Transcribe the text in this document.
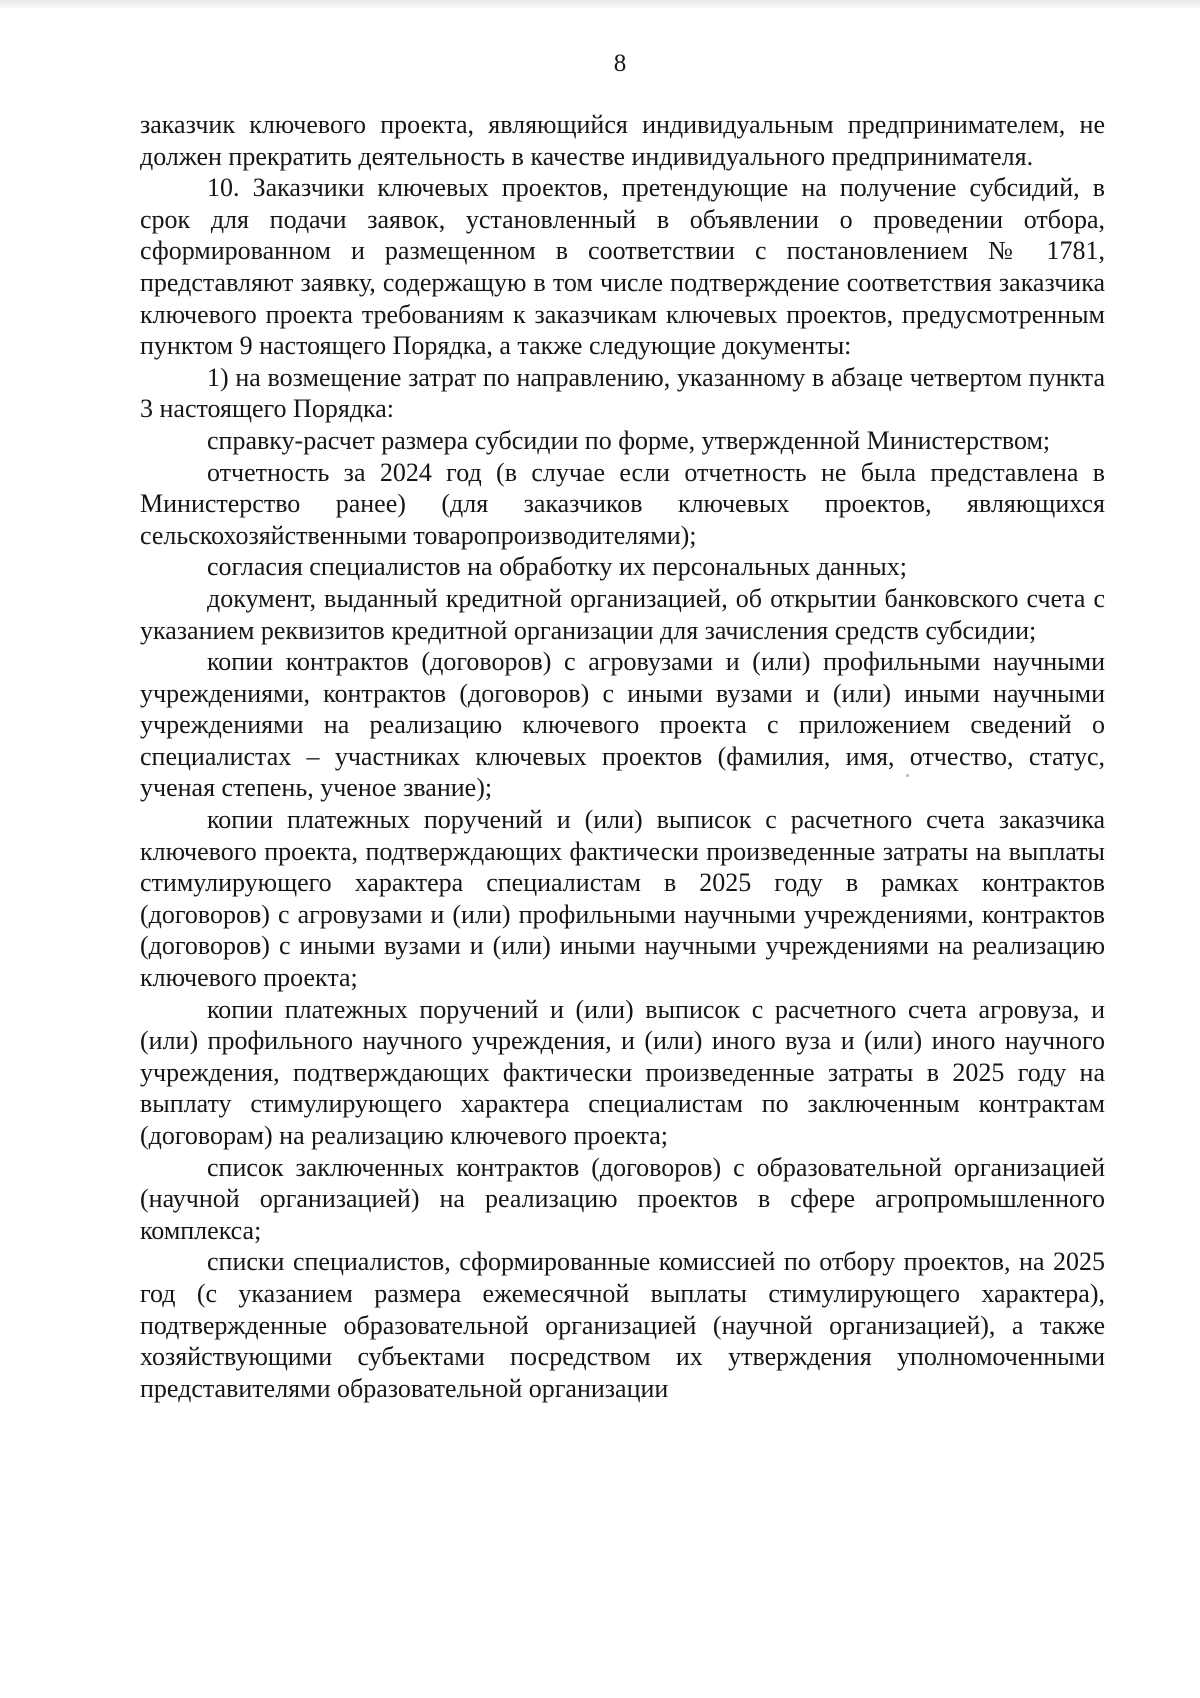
8

заказчик ключевого проекта, являющийся индивидуальным предпринимателем, не должен прекратить деятельность в качестве индивидуального предпринимателя.

10. Заказчики ключевых проектов, претендующие на получение субсидий, в срок для подачи заявок, установленный в объявлении о проведении отбора, сформированном и размещенном в соответствии с постановлением № 1781, представляют заявку, содержащую в том числе подтверждение соответствия заказчика ключевого проекта требованиям к заказчикам ключевых проектов, предусмотренным пунктом 9 настоящего Порядка, а также следующие документы:

1) на возмещение затрат по направлению, указанному в абзаце четвертом пункта 3 настоящего Порядка:

справку-расчет размера субсидии по форме, утвержденной Министерством;

отчетность за 2024 год (в случае если отчетность не была представлена в Министерство ранее) (для заказчиков ключевых проектов, являющихся сельскохозяйственными товаропроизводителями);

согласия специалистов на обработку их персональных данных;

документ, выданный кредитной организацией, об открытии банковского счета с указанием реквизитов кредитной организации для зачисления средств субсидии;

копии контрактов (договоров) с агровузами и (или) профильными научными учреждениями, контрактов (договоров) с иными вузами и (или) иными научными учреждениями на реализацию ключевого проекта с приложением сведений о специалистах – участниках ключевых проектов (фамилия, имя, отчество, статус, ученая степень, ученое звание);

копии платежных поручений и (или) выписок с расчетного счета заказчика ключевого проекта, подтверждающих фактически произведенные затраты на выплаты стимулирующего характера специалистам в 2025 году в рамках контрактов (договоров) с агровузами и (или) профильными научными учреждениями, контрактов (договоров) с иными вузами и (или) иными научными учреждениями на реализацию ключевого проекта;

копии платежных поручений и (или) выписок с расчетного счета агровуза, и (или) профильного научного учреждения, и (или) иного вуза и (или) иного научного учреждения, подтверждающих фактически произведенные затраты в 2025 году на выплату стимулирующего характера специалистам по заключенным контрактам (договорам) на реализацию ключевого проекта;

список заключенных контрактов (договоров) с образовательной организацией (научной организацией) на реализацию проектов в сфере агропромышленного комплекса;

списки специалистов, сформированные комиссией по отбору проектов, на 2025 год (с указанием размера ежемесячной выплаты стимулирующего характера), подтвержденные образовательной организацией (научной организацией), а также хозяйствующими субъектами посредством их утверждения уполномоченными представителями образовательной организации
